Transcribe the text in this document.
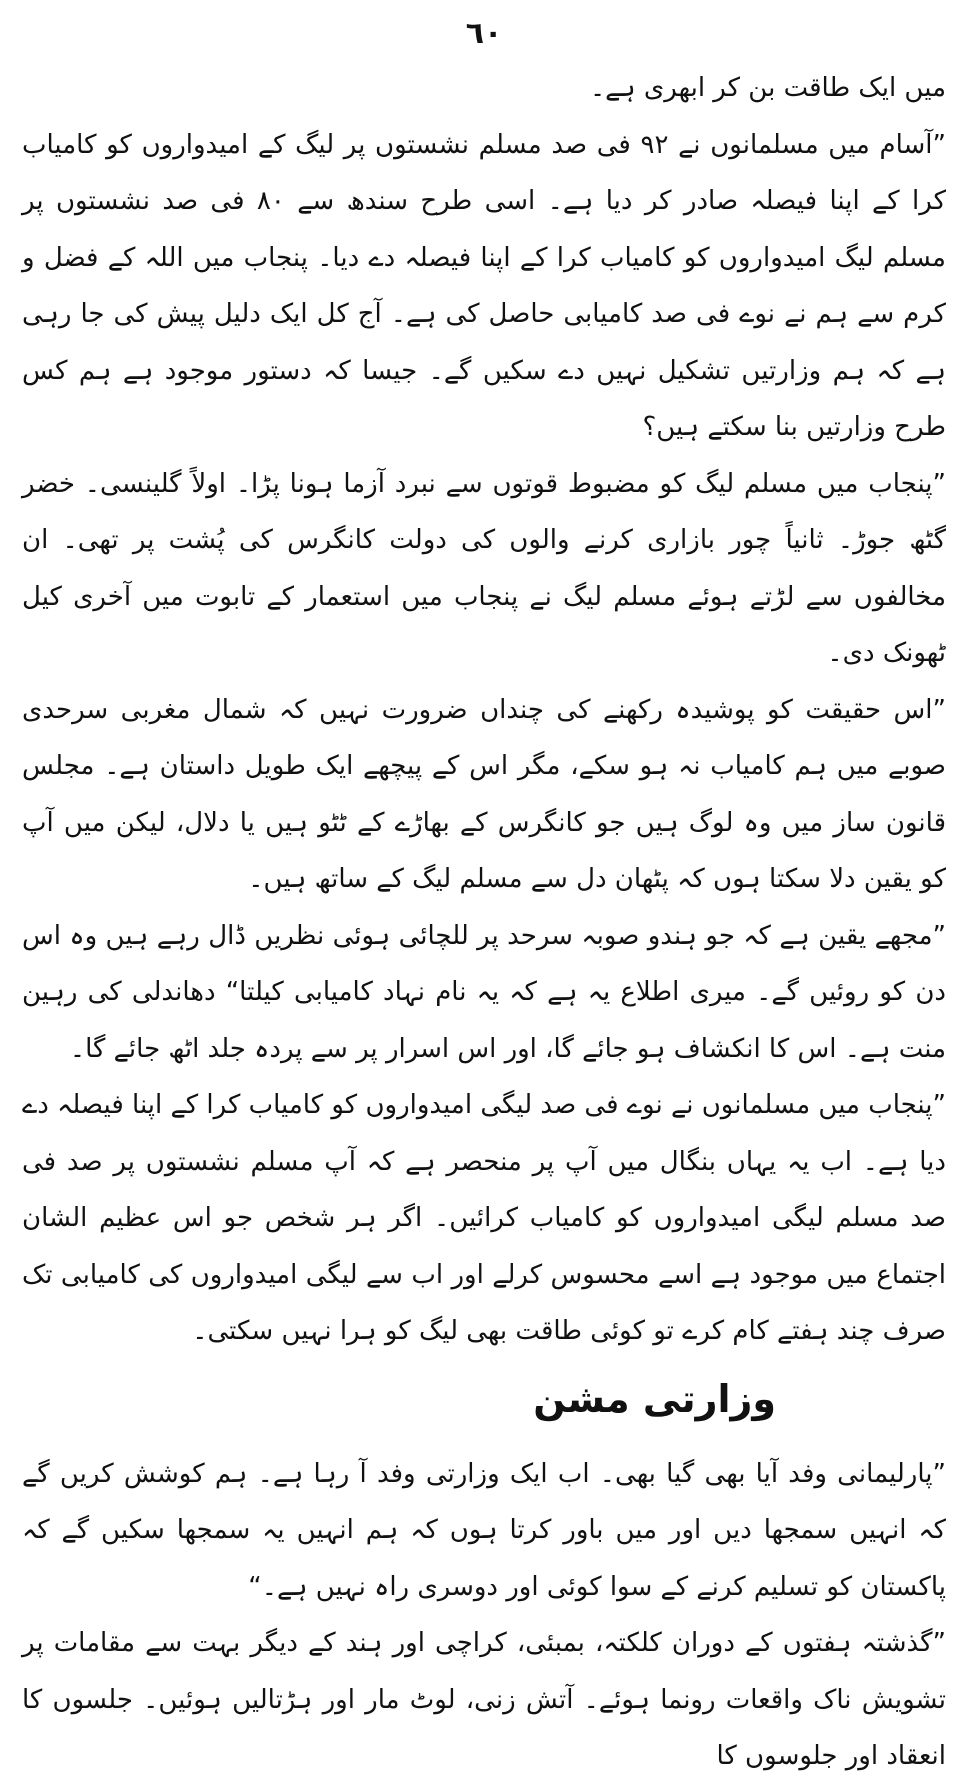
٦٠

میں ایک طاقت بن کر ابھری ہے۔

”آسام میں مسلمانوں نے ۹۲ فی صد مسلم نشستوں پر لیگ کے امیدواروں کو کامیاب کرا کے اپنا فیصلہ صادر کر دیا ہے۔ اسی طرح سندھ سے ۸۰ فی صد نشستوں پر مسلم لیگ امیدواروں کو کامیاب کرا کے اپنا فیصلہ دے دیا۔ پنجاب میں اللہ کے فضل و کرم سے ہم نے نوے فی صد کامیابی حاصل کی ہے۔ آج کل ایک دلیل پیش کی جا رہی ہے کہ ہم وزارتیں تشکیل نہیں دے سکیں گے۔ جیسا کہ دستور موجود ہے ہم کس طرح وزارتیں بنا سکتے ہیں؟

”پنجاب میں مسلم لیگ کو مضبوط قوتوں سے نبرد آزما ہونا پڑا۔ اولاً گلینسی۔ خضر گٹھ جوڑ۔ ثانیاً چور بازاری کرنے والوں کی دولت کانگرس کی پُشت پر تھی۔ ان مخالفوں سے لڑتے ہوئے مسلم لیگ نے پنجاب میں استعمار کے تابوت میں آخری کیل ٹھونک دی۔

”اس حقیقت کو پوشیدہ رکھنے کی چنداں ضرورت نہیں کہ شمال مغربی سرحدی صوبے میں ہم کامیاب نہ ہو سکے، مگر اس کے پیچھے ایک طویل داستان ہے۔ مجلس قانون ساز میں وہ لوگ ہیں جو کانگرس کے بھاڑے کے ٹٹو ہیں یا دلال، لیکن میں آپ کو یقین دلا سکتا ہوں کہ پٹھان دل سے مسلم لیگ کے ساتھ ہیں۔

”مجھے یقین ہے کہ جو ہندو صوبہ سرحد پر للچائی ہوئی نظریں ڈال رہے ہیں وہ اس دن کو روئیں گے۔ میری اطلاع یہ ہے کہ یہ نام نہاد کامیابی کیلتا“ دھاندلی کی رہین منت ہے۔ اس کا انکشاف ہو جائے گا، اور اس اسرار پر سے پردہ جلد اٹھ جائے گا۔

”پنجاب میں مسلمانوں نے نوے فی صد لیگی امیدواروں کو کامیاب کرا کے اپنا فیصلہ دے دیا ہے۔ اب یہ یہاں بنگال میں آپ پر منحصر ہے کہ آپ مسلم نشستوں پر صد فی صد مسلم لیگی امیدواروں کو کامیاب کرائیں۔ اگر ہر شخص جو اس عظیم الشان اجتماع میں موجود ہے اسے محسوس کرلے اور اب سے لیگی امیدواروں کی کامیابی تک صرف چند ہفتے کام کرے تو کوئی طاقت بھی لیگ کو ہرا نہیں سکتی۔

وزارتی مشن

”پارلیمانی وفد آیا بھی گیا بھی۔ اب ایک وزارتی وفد آ رہا ہے۔ ہم کوشش کریں گے کہ انہیں سمجھا دیں اور میں باور کرتا ہوں کہ ہم انہیں یہ سمجھا سکیں گے کہ پاکستان کو تسلیم کرنے کے سوا کوئی اور دوسری راہ نہیں ہے۔“

”گذشتہ ہفتوں کے دوران کلکتہ، بمبئی، کراچی اور ہند کے دیگر بہت سے مقامات پر تشویش ناک واقعات رونما ہوئے۔ آتش زنی، لوٹ مار اور ہڑتالیں ہوئیں۔ جلسوں کا انعقاد اور جلوسوں کا
